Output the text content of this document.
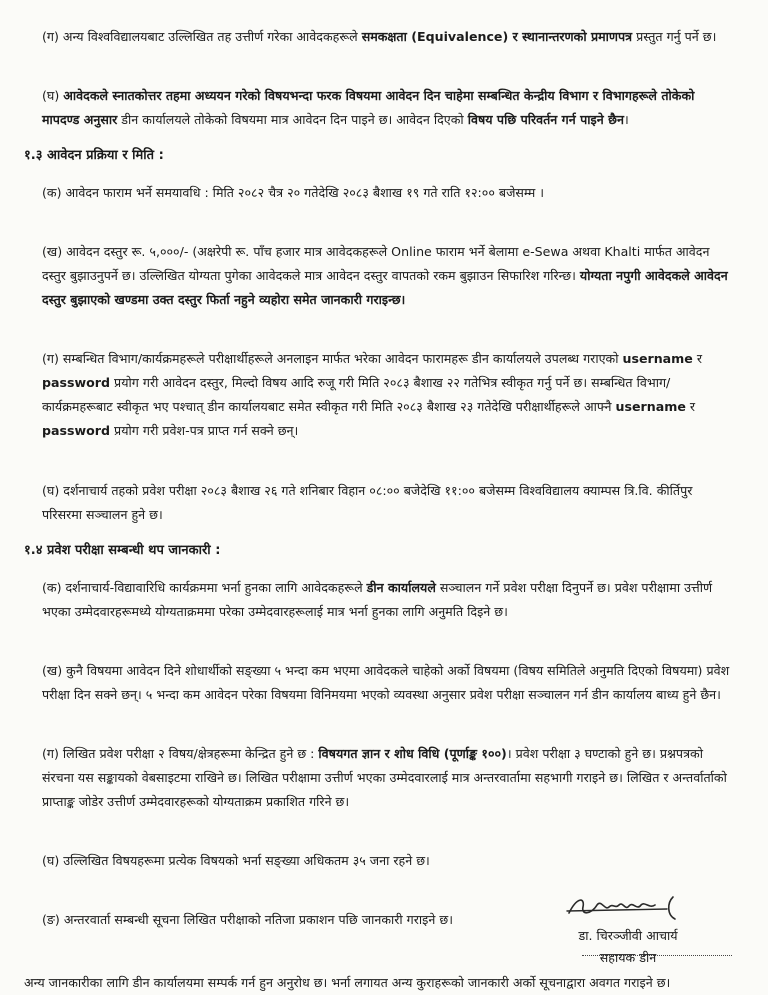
(ग) अन्य विश्वविद्यालयबाट उल्लिखित तह उत्तीर्ण गरेका आवेदकहरूले समकक्षता (Equivalence) र स्थानान्तरणको प्रमाणपत्र प्रस्तुत गर्नु पर्ने छ।

(घ) आवेदकले स्नातकोत्तर तहमा अध्ययन गरेको विषयभन्दा फरक विषयमा आवेदन दिन चाहेमा सम्बन्धित केन्द्रीय विभाग र विभागहरूले तोकेको मापदण्ड अनुसार डीन कार्यालयले तोकेको विषयमा मात्र आवेदन दिन पाइने छ। आवेदन दिएको विषय पछि परिवर्तन गर्न पाइने छैन।

१.३ आवेदन प्रक्रिया र मिति :

(क) आवेदन फाराम भर्ने समयावधि : मिति २०८२ चैत्र २० गतेदेखि २०८३ बैशाख १९ गते राति १२:०० बजेसम्म ।

(ख) आवेदन दस्तुर रू. ५,०००/- (अक्षरेपी रू. पाँच हजार मात्र आवेदकहरूले Online फाराम भर्ने बेलामा e-Sewa अथवा Khalti मार्फत आवेदन दस्तुर बुझाउनुपर्ने छ। उल्लिखित योग्यता पुगेका आवेदकले मात्र आवेदन दस्तुर वापतको रकम बुझाउन सिफारिश गरिन्छ। योग्यता नपुगी आवेदकले आवेदन दस्तुर बुझाएको खण्डमा उक्त दस्तुर फिर्ता नहुने व्यहोरा समेत जानकारी गराइन्छ।

(ग) सम्बन्धित विभाग/कार्यक्रमहरूले परीक्षार्थीहरूले अनलाइन मार्फत भरेका आवेदन फारामहरू डीन कार्यालयले उपलब्ध गराएको username र password प्रयोग गरी आवेदन दस्तुर, मिल्दो विषय आदि रुजू गरी मिति २०८३ बैशाख २२ गतेभित्र स्वीकृत गर्नु पर्ने छ। सम्बन्धित विभाग/कार्यक्रमहरूबाट स्वीकृत भए पश्चात् डीन कार्यालयबाट समेत स्वीकृत गरी मिति २०८३ बैशाख २३ गतेदेखि परीक्षार्थीहरूले आफ्नै username र password प्रयोग गरी प्रवेश-पत्र प्राप्त गर्न सक्ने छन्।

(घ) दर्शनाचार्य तहको प्रवेश परीक्षा २०८३ बैशाख २६ गते शनिबार विहान ०८:०० बजेदेखि ११:०० बजेसम्म विश्वविद्यालय क्याम्पस त्रि.वि. कीर्तिपुर परिसरमा सञ्चालन हुने छ।

१.४ प्रवेश परीक्षा सम्बन्धी थप जानकारी :

(क) दर्शनाचार्य-विद्यावारिधि कार्यक्रममा भर्ना हुनका लागि आवेदकहरूले डीन कार्यालयले सञ्चालन गर्ने प्रवेश परीक्षा दिनुपर्ने छ। प्रवेश परीक्षामा उत्तीर्ण भएका उम्मेदवारहरूमध्ये योग्यताक्रममा परेका उम्मेदवारहरूलाई मात्र भर्ना हुनका लागि अनुमति दिइने छ।

(ख) कुनै विषयमा आवेदन दिने शोधार्थीको सङ्ख्या ५ भन्दा कम भएमा आवेदकले चाहेको अर्को विषयमा (विषय समितिले अनुमति दिएको विषयमा) प्रवेश परीक्षा दिन सक्ने छन्। ५ भन्दा कम आवेदन परेका विषयमा विनिमयमा भएको व्यवस्था अनुसार प्रवेश परीक्षा सञ्चालन गर्न डीन कार्यालय बाध्य हुने छैन।

(ग) लिखित प्रवेश परीक्षा २ विषय/क्षेत्रहरूमा केन्द्रित हुने छ : विषयगत ज्ञान र शोध विधि (पूर्णाङ्क १००)। प्रवेश परीक्षा ३ घण्टाको हुने छ। प्रश्नपत्रको संरचना यस सङ्कायको वेबसाइटमा राखिने छ। लिखित परीक्षामा उत्तीर्ण भएका उम्मेदवारलाई मात्र अन्तरवार्तामा सहभागी गराइने छ। लिखित र अन्तर्वार्ताको प्राप्ताङ्क जोडेर उत्तीर्ण उम्मेदवारहरूको योग्यताक्रम प्रकाशित गरिने छ।

(घ) उल्लिखित विषयहरूमा प्रत्येक विषयको भर्ना सङ्ख्या अधिकतम ३५ जना रहने छ।

(ङ) अन्तरवार्ता सम्बन्धी सूचना लिखित परीक्षाको नतिजा प्रकाशन पछि जानकारी गराइने छ।

अन्य जानकारीका लागि डीन कार्यालयमा सम्पर्क गर्न हुन अनुरोध छ। भर्ना लगायत अन्य कुराहरूको जानकारी अर्को सूचनाद्वारा अवगत गराइने छ।

डा. चिरञ्जीवी आचार्य
सहायक डीन
